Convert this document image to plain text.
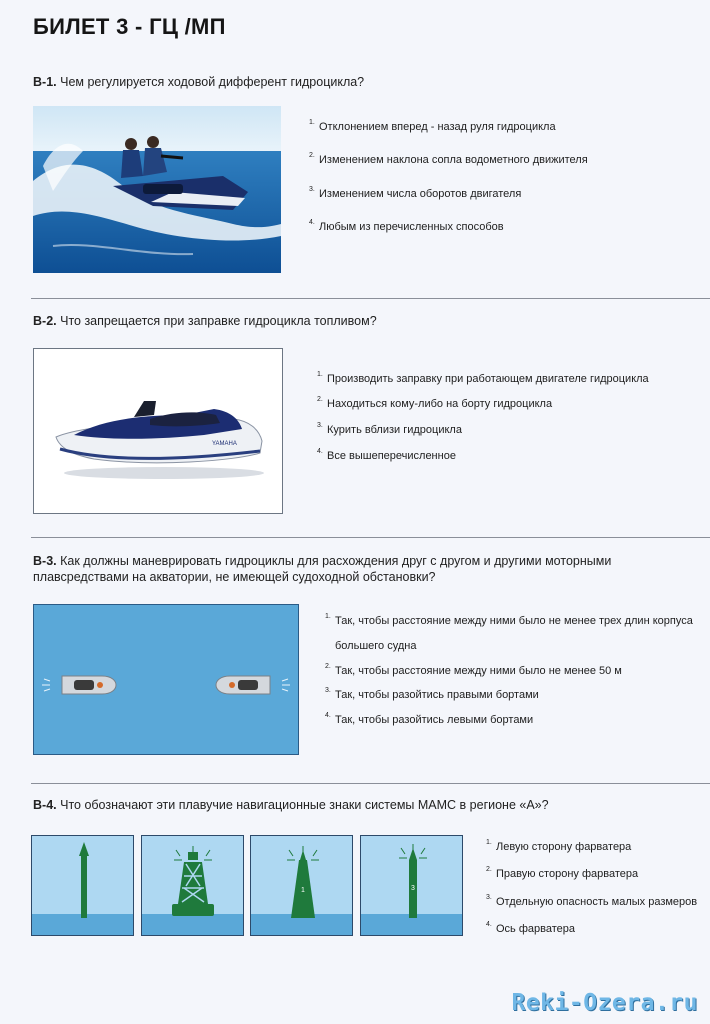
БИЛЕТ 3 - ГЦ /МП
В-1. Чем регулируется ходовой дифферент гидроцикла?
1. Отклонением вперед - назад руля гидроцикла
2. Изменением наклона сопла водометного движителя
3. Изменением числа оборотов двигателя
4. Любым из перечисленных способов
В-2. Что запрещается при заправке гидроцикла топливом?
YAMAHA
1. Производить заправку при работающем двигателе гидроцикла
2. Находиться кому-либо на борту гидроцикла
3. Курить вблизи гидроцикла
4. Все вышеперечисленное
В-3. Как должны маневрировать гидроциклы для расхождения друг с другом и другими моторными
плавсредствами на акватории, не имеющей судоходной обстановки?
1. Так, чтобы расстояние между ними было не менее трех длин корпуса
большего судна
2. Так, чтобы расстояние между ними было не менее 50 м
3. Так, чтобы разойтись правыми бортами
4. Так, чтобы разойтись левыми бортами
В-4. Что обозначают эти плавучие навигационные знаки системы МАМС в регионе «А»?
1	3
1. Левую сторону фарватера
2. Правую сторону фарватера
3. Отдельную опасность малых размеров
4. Ось фарватера
Reki-Ozera.ru
